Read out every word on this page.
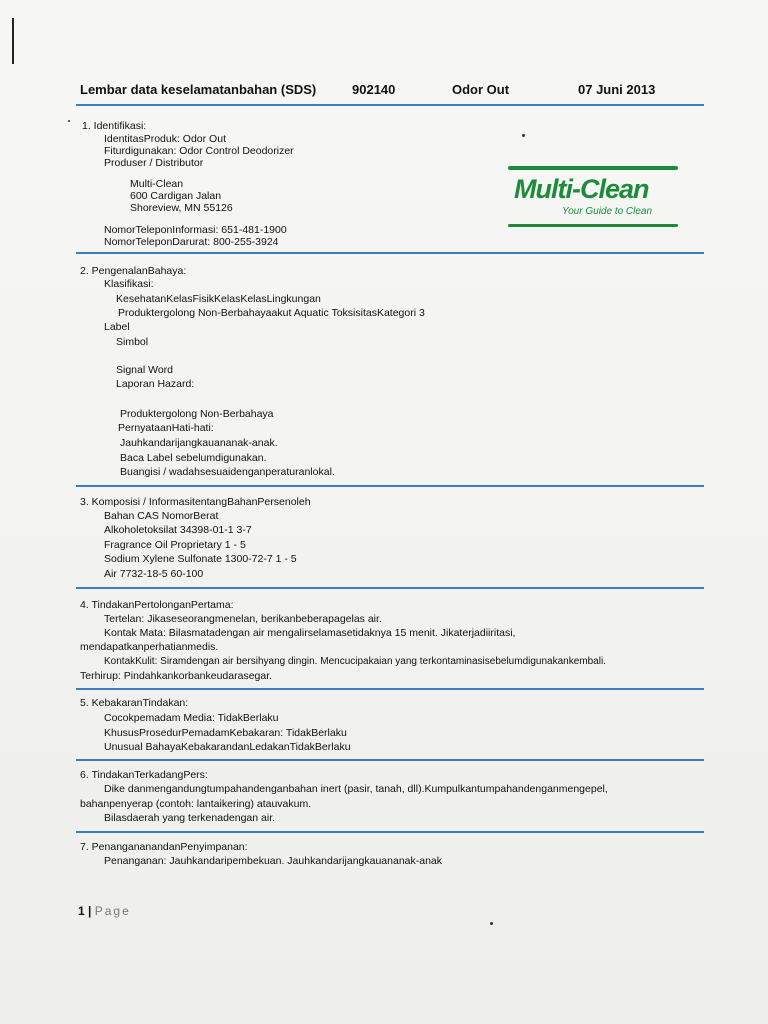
Lembar data keselamatanbahan (SDS)	902140	Odor Out	07 Juni 2013
1. Identifikasi:
IdentitasProduk: Odor Out
Fiturdigunakan: Odor Control Deodorizer
Produser / Distributor
Multi-Clean
600 Cardigan Jalan
Shoreview, MN 55126
NomorTeleponInformasi: 651-481-1900
NomorTeleponDarurat: 800-255-3924
Multi-Clean
Your Guide to Clean
2. PengenalanBahaya:
Klasifikasi:
KesehatanKelasFisikKelasKelasLingkungan
Produktergolong Non-Berbahayaakut Aquatic ToksisitasKategori 3
Label
Simbol
Signal Word
Laporan Hazard:
Produktergolong Non-Berbahaya
PernyataanHati-hati:
Jauhkandarijangkauananak-anak.
Baca Label sebelumdigunakan.
Buangisi / wadahsesuaidenganperaturanlokal.
3. Komposisi / InformasitentangBahanPersenoleh
Bahan CAS NomorBerat
Alkoholetoksilat 34398-01-1 3-7
Fragrance Oil Proprietary 1 - 5
Sodium Xylene Sulfonate 1300-72-7 1 - 5
Air 7732-18-5 60-100
4. TindakanPertolonganPertama:
Tertelan: Jikaseseorangmenelan, berikanbeberapagelas air.
Kontak Mata: Bilasmatadengan air mengalirselamasetidaknya 15 menit. Jikaterjadiiritasi,
mendapatkanperhatianmedis.
KontakKulit: Siramdengan air bersihyang dingin. Mencucipakaian yang terkontaminasisebelumdigunakankembali.
Terhirup: Pindahkankorbankeudarasegar.
5. KebakaranTindakan:
Cocokpemadam Media: TidakBerlaku
KhususProsedurPemadamKebakaran: TidakBerlaku
Unusual BahayaKebakarandanLedakanTidakBerlaku
6. TindakanTerkadangPers:
Dike danmengandungtumpahandenganbahan inert (pasir, tanah, dll).Kumpulkantumpahandenganmengepel,
bahanpenyerap (contoh: lantaikering) atauvakum.
Bilasdaerah yang terkenadengan air.
7. PenangananandanPenyimpanan:
Penanganan: Jauhkandaripembekuan. Jauhkandarijangkauananak-anak
1 | Page
